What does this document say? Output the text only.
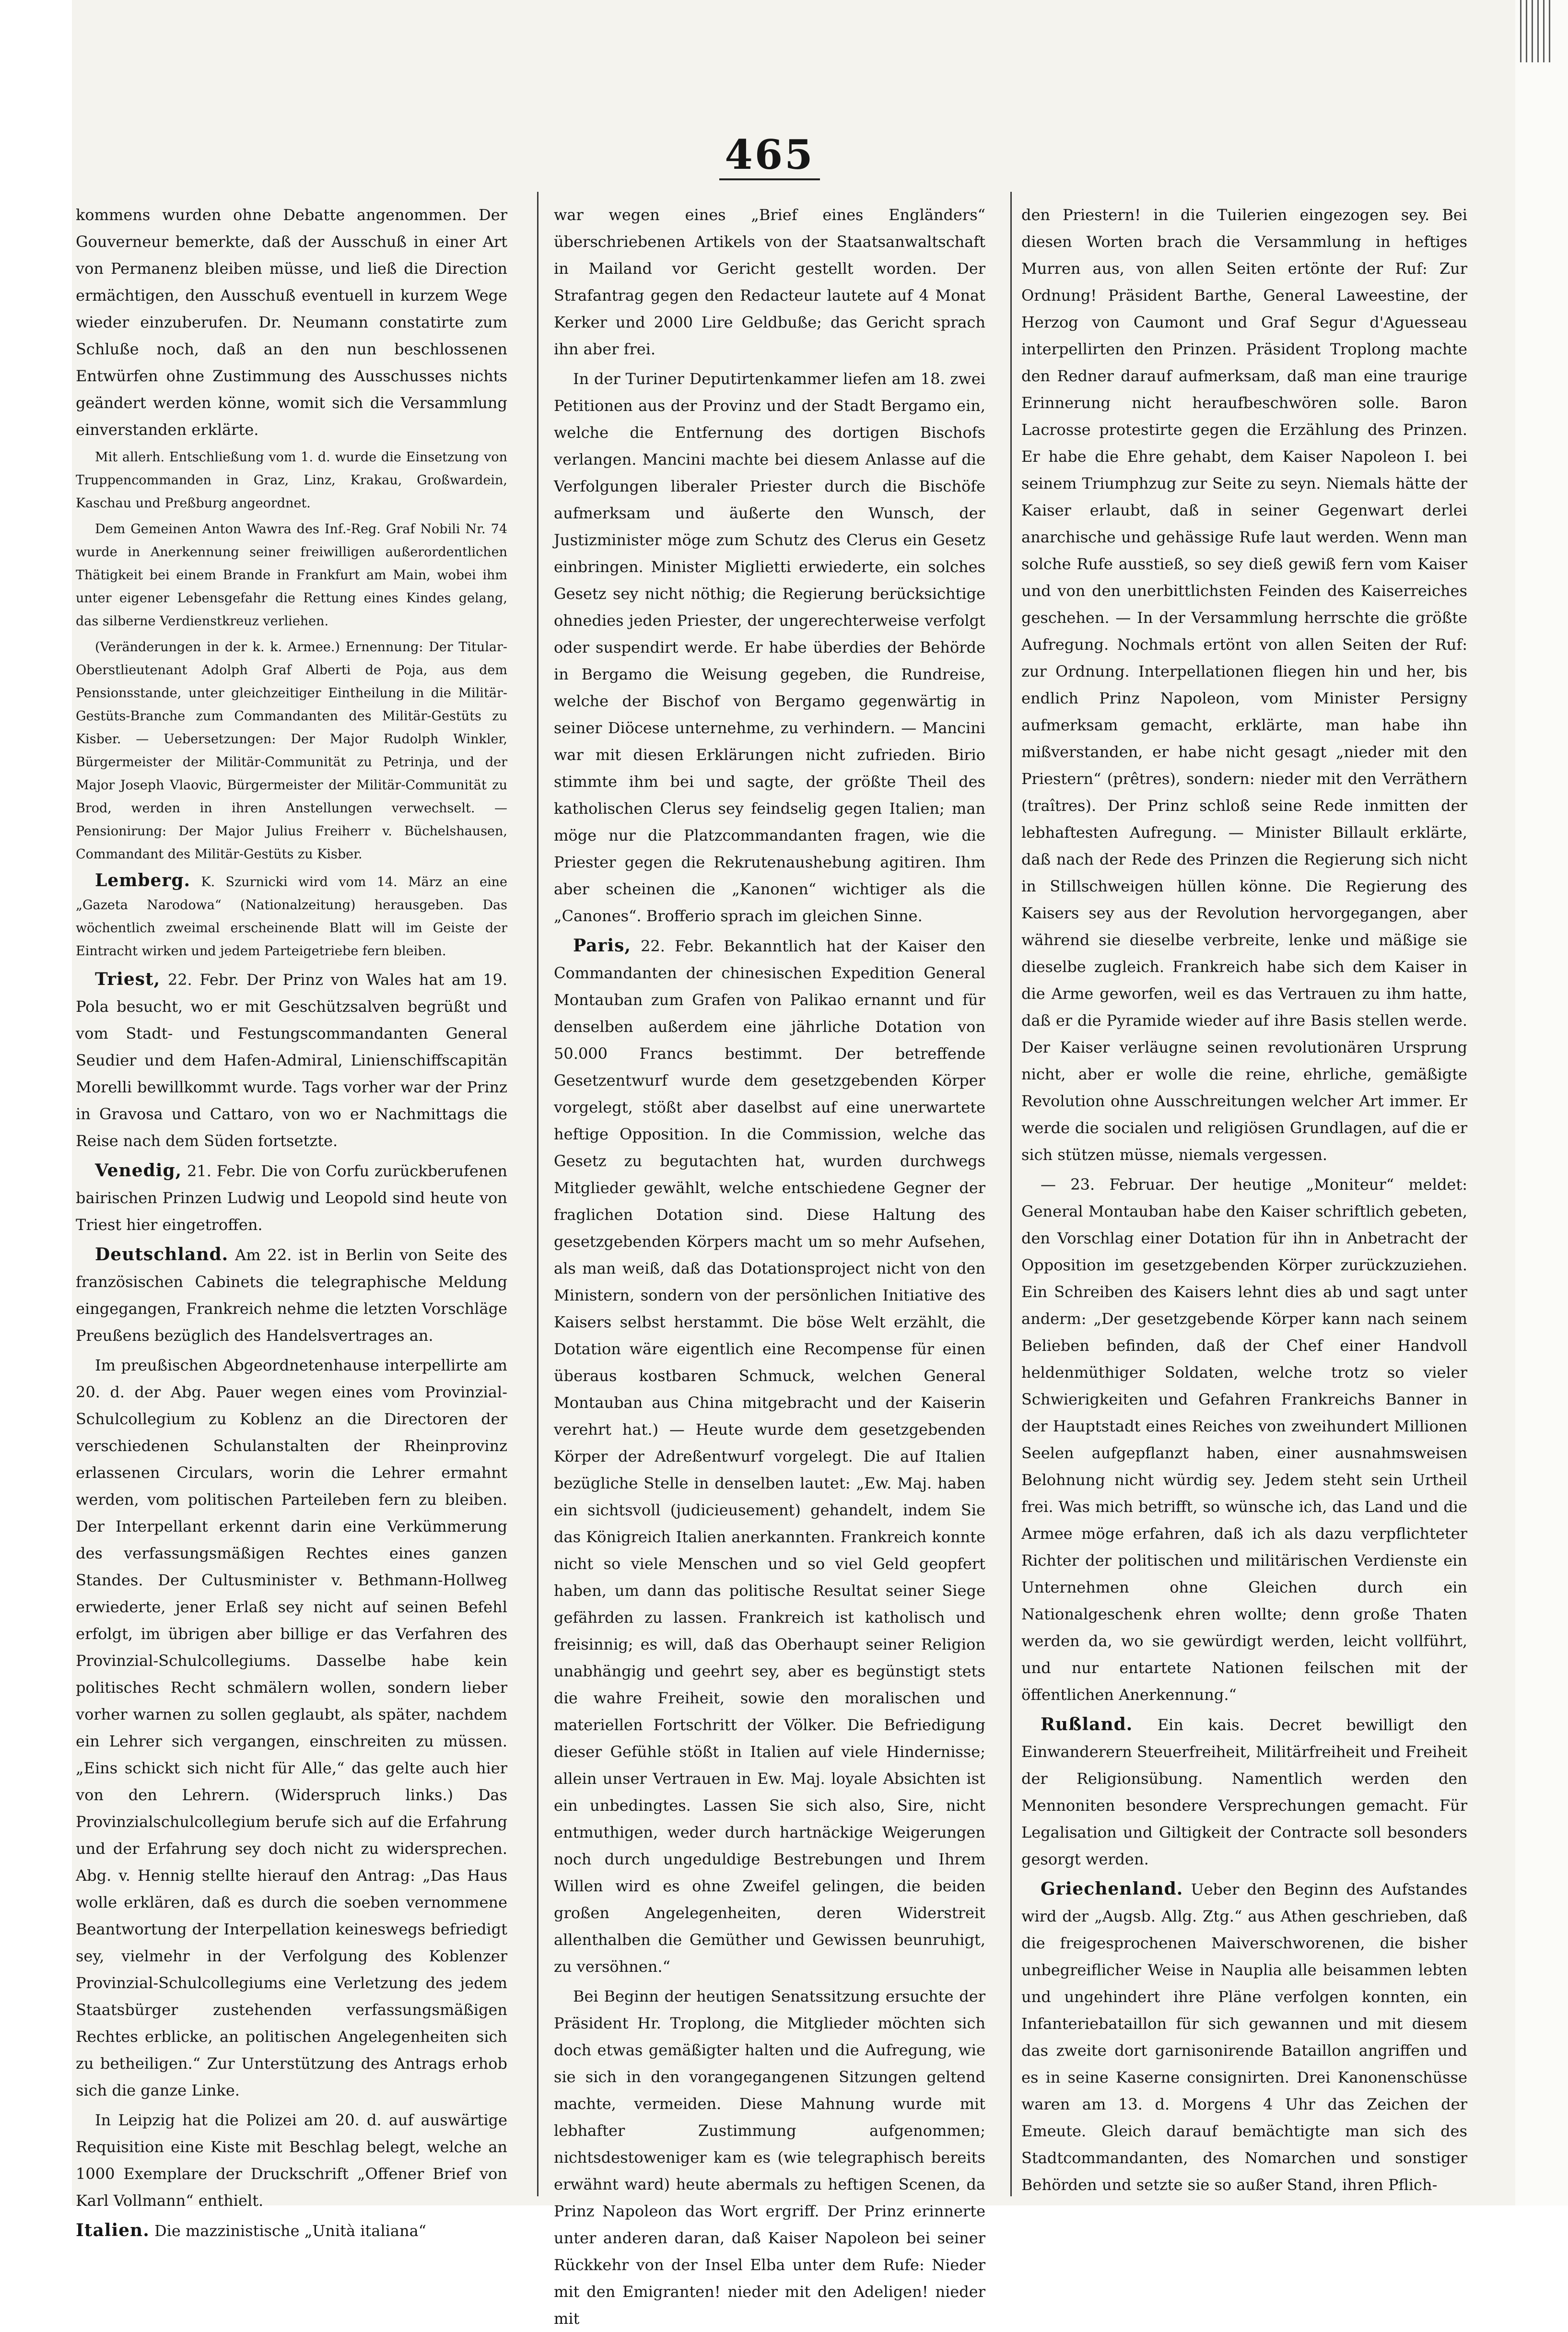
465

kommens wurden ohne Debatte angenommen. Der Gouverneur bemerkte, daß der Ausschuß in einer Art von Permanenz bleiben müsse, und ließ die Direction ermächtigen, den Ausschuß eventuell in kurzem Wege wieder einzuberufen. Dr. Neumann constatirte zum Schluße noch, daß an den nun beschlossenen Entwürfen ohne Zustimmung des Ausschusses nichts geändert werden könne, womit sich die Versammlung einverstanden erklärte.

Mit allerh. Entschließung vom 1. d. wurde die Einsetzung von Truppencommanden in Graz, Linz, Krakau, Großwardein, Kaschau und Preßburg angeordnet.

Dem Gemeinen Anton Wawra des Inf.-Reg. Graf Nobili Nr. 74 wurde in Anerkennung seiner freiwilligen außerordentlichen Thätigkeit bei einem Brande in Frankfurt am Main, wobei ihm unter eigener Lebensgefahr die Rettung eines Kindes gelang, das silberne Verdienstkreuz verliehen.

(Veränderungen in der k. k. Armee.) Ernennung: Der Titular-Oberstlieutenant Adolph Graf Alberti de Poja, aus dem Pensionsstande, unter gleichzeitiger Eintheilung in die Militär-Gestüts-Branche zum Commandanten des Militär-Gestüts zu Kisber. — Uebersetzungen: Der Major Rudolph Winkler, Bürgermeister der Militär-Communität zu Petrinja, und der Major Joseph Vlaovic, Bürgermeister der Militär-Communität zu Brod, werden in ihren Anstellungen verwechselt. — Pensionirung: Der Major Julius Freiherr v. Büchelshausen, Commandant des Militär-Gestüts zu Kisber.

Lemberg. K. Szurnicki wird vom 14. März an eine „Gazeta Narodowa“ (Nationalzeitung) herausgeben. Das wöchentlich zweimal erscheinende Blatt will im Geiste der Eintracht wirken und jedem Parteigetriebe fern bleiben.

Triest, 22. Febr. Der Prinz von Wales hat am 19. Pola besucht, wo er mit Geschützsalven begrüßt und vom Stadt- und Festungscommandanten General Seudier und dem Hafen-Admiral, Linienschiffscapitän Morelli bewillkommt wurde. Tags vorher war der Prinz in Gravosa und Cattaro, von wo er Nachmittags die Reise nach dem Süden fortsetzte.

Venedig, 21. Febr. Die von Corfu zurückberufenen bairischen Prinzen Ludwig und Leopold sind heute von Triest hier eingetroffen.

Deutschland. Am 22. ist in Berlin von Seite des französischen Cabinets die telegraphische Meldung eingegangen, Frankreich nehme die letzten Vorschläge Preußens bezüglich des Handelsvertrages an.

Im preußischen Abgeordnetenhause interpellirte am 20. d. der Abg. Pauer wegen eines vom Provinzial-Schulcollegium zu Koblenz an die Directoren der verschiedenen Schulanstalten der Rheinprovinz erlassenen Circulars, worin die Lehrer ermahnt werden, vom politischen Parteileben fern zu bleiben. Der Interpellant erkennt darin eine Verkümmerung des verfassungsmäßigen Rechtes eines ganzen Standes. Der Cultusminister v. Bethmann-Hollweg erwiederte, jener Erlaß sey nicht auf seinen Befehl erfolgt, im übrigen aber billige er das Verfahren des Provinzial-Schulcollegiums. Dasselbe habe kein politisches Recht schmälern wollen, sondern lieber vorher warnen zu sollen geglaubt, als später, nachdem ein Lehrer sich vergangen, einschreiten zu müssen. „Eins schickt sich nicht für Alle,“ das gelte auch hier von den Lehrern. (Widerspruch links.) Das Provinzialschulcollegium berufe sich auf die Erfahrung und der Erfahrung sey doch nicht zu widersprechen. Abg. v. Hennig stellte hierauf den Antrag: „Das Haus wolle erklären, daß es durch die soeben vernommene Beantwortung der Interpellation keineswegs befriedigt sey, vielmehr in der Verfolgung des Koblenzer Provinzial-Schulcollegiums eine Verletzung des jedem Staatsbürger zustehenden verfassungsmäßigen Rechtes erblicke, an politischen Angelegenheiten sich zu betheiligen.“ Zur Unterstützung des Antrags erhob sich die ganze Linke.

In Leipzig hat die Polizei am 20. d. auf auswärtige Requisition eine Kiste mit Beschlag belegt, welche an 1000 Exemplare der Druckschrift „Offener Brief von Karl Vollmann“ enthielt.

Italien. Die mazzinistische „Unità italiana“

war wegen eines „Brief eines Engländers“ überschriebenen Artikels von der Staatsanwaltschaft in Mailand vor Gericht gestellt worden. Der Strafantrag gegen den Redacteur lautete auf 4 Monat Kerker und 2000 Lire Geldbuße; das Gericht sprach ihn aber frei.

In der Turiner Deputirtenkammer liefen am 18. zwei Petitionen aus der Provinz und der Stadt Bergamo ein, welche die Entfernung des dortigen Bischofs verlangen. Mancini machte bei diesem Anlasse auf die Verfolgungen liberaler Priester durch die Bischöfe aufmerksam und äußerte den Wunsch, der Justizminister möge zum Schutz des Clerus ein Gesetz einbringen. Minister Miglietti erwiederte, ein solches Gesetz sey nicht nöthig; die Regierung berücksichtige ohnedies jeden Priester, der ungerechterweise verfolgt oder suspendirt werde. Er habe überdies der Behörde in Bergamo die Weisung gegeben, die Rundreise, welche der Bischof von Bergamo gegenwärtig in seiner Diöcese unternehme, zu verhindern. — Mancini war mit diesen Erklärungen nicht zufrieden. Birio stimmte ihm bei und sagte, der größte Theil des katholischen Clerus sey feindselig gegen Italien; man möge nur die Platzcommandanten fragen, wie die Priester gegen die Rekrutenaushebung agitiren. Ihm aber scheinen die „Kanonen“ wichtiger als die „Canones“. Brofferio sprach im gleichen Sinne.

Paris, 22. Febr. Bekanntlich hat der Kaiser den Commandanten der chinesischen Expedition General Montauban zum Grafen von Palikao ernannt und für denselben außerdem eine jährliche Dotation von 50.000 Francs bestimmt. Der betreffende Gesetzentwurf wurde dem gesetzgebenden Körper vorgelegt, stößt aber daselbst auf eine unerwartete heftige Opposition. In die Commission, welche das Gesetz zu begutachten hat, wurden durchwegs Mitglieder gewählt, welche entschiedene Gegner der fraglichen Dotation sind. Diese Haltung des gesetzgebenden Körpers macht um so mehr Aufsehen, als man weiß, daß das Dotationsproject nicht von den Ministern, sondern von der persönlichen Initiative des Kaisers selbst herstammt. Die böse Welt erzählt, die Dotation wäre eigentlich eine Recompense für einen überaus kostbaren Schmuck, welchen General Montauban aus China mitgebracht und der Kaiserin verehrt hat.) — Heute wurde dem gesetzgebenden Körper der Adreßentwurf vorgelegt. Die auf Italien bezügliche Stelle in denselben lautet: „Ew. Maj. haben ein sichtsvoll (judicieusement) gehandelt, indem Sie das Königreich Italien anerkannten. Frankreich konnte nicht so viele Menschen und so viel Geld geopfert haben, um dann das politische Resultat seiner Siege gefährden zu lassen. Frankreich ist katholisch und freisinnig; es will, daß das Oberhaupt seiner Religion unabhängig und geehrt sey, aber es begünstigt stets die wahre Freiheit, sowie den moralischen und materiellen Fortschritt der Völker. Die Befriedigung dieser Gefühle stößt in Italien auf viele Hindernisse; allein unser Vertrauen in Ew. Maj. loyale Absichten ist ein unbedingtes. Lassen Sie sich also, Sire, nicht entmuthigen, weder durch hartnäckige Weigerungen noch durch ungeduldige Bestrebungen und Ihrem Willen wird es ohne Zweifel gelingen, die beiden großen Angelegenheiten, deren Widerstreit allenthalben die Gemüther und Gewissen beunruhigt, zu versöhnen.“

Bei Beginn der heutigen Senatssitzung ersuchte der Präsident Hr. Troplong, die Mitglieder möchten sich doch etwas gemäßigter halten und die Aufregung, wie sie sich in den vorangegangenen Sitzungen geltend machte, vermeiden. Diese Mahnung wurde mit lebhafter Zustimmung aufgenommen; nichtsdestoweniger kam es (wie telegraphisch bereits erwähnt ward) heute abermals zu heftigen Scenen, da Prinz Napoleon das Wort ergriff. Der Prinz erinnerte unter anderen daran, daß Kaiser Napoleon bei seiner Rückkehr von der Insel Elba unter dem Rufe: Nieder mit den Emigranten! nieder mit den Adeligen! nieder mit

den Priestern! in die Tuilerien eingezogen sey. Bei diesen Worten brach die Versammlung in heftiges Murren aus, von allen Seiten ertönte der Ruf: Zur Ordnung! Präsident Barthe, General Laweestine, der Herzog von Caumont und Graf Segur d'Aguesseau interpellirten den Prinzen. Präsident Troplong machte den Redner darauf aufmerksam, daß man eine traurige Erinnerung nicht heraufbeschwören solle. Baron Lacrosse protestirte gegen die Erzählung des Prinzen. Er habe die Ehre gehabt, dem Kaiser Napoleon I. bei seinem Triumphzug zur Seite zu seyn. Niemals hätte der Kaiser erlaubt, daß in seiner Gegenwart derlei anarchische und gehässige Rufe laut werden. Wenn man solche Rufe ausstieß, so sey dieß gewiß fern vom Kaiser und von den unerbittlichsten Feinden des Kaiserreiches geschehen. — In der Versammlung herrschte die größte Aufregung. Nochmals ertönt von allen Seiten der Ruf: zur Ordnung. Interpellationen fliegen hin und her, bis endlich Prinz Napoleon, vom Minister Persigny aufmerksam gemacht, erklärte, man habe ihn mißverstanden, er habe nicht gesagt „nieder mit den Priestern“ (prêtres), sondern: nieder mit den Verräthern (traîtres). Der Prinz schloß seine Rede inmitten der lebhaftesten Aufregung. — Minister Billault erklärte, daß nach der Rede des Prinzen die Regierung sich nicht in Stillschweigen hüllen könne. Die Regierung des Kaisers sey aus der Revolution hervorgegangen, aber während sie dieselbe verbreite, lenke und mäßige sie dieselbe zugleich. Frankreich habe sich dem Kaiser in die Arme geworfen, weil es das Vertrauen zu ihm hatte, daß er die Pyramide wieder auf ihre Basis stellen werde. Der Kaiser verläugne seinen revolutionären Ursprung nicht, aber er wolle die reine, ehrliche, gemäßigte Revolution ohne Ausschreitungen welcher Art immer. Er werde die socialen und religiösen Grundlagen, auf die er sich stützen müsse, niemals vergessen.

— 23. Februar. Der heutige „Moniteur“ meldet: General Montauban habe den Kaiser schriftlich gebeten, den Vorschlag einer Dotation für ihn in Anbetracht der Opposition im gesetzgebenden Körper zurückzuziehen. Ein Schreiben des Kaisers lehnt dies ab und sagt unter anderm: „Der gesetzgebende Körper kann nach seinem Belieben befinden, daß der Chef einer Handvoll heldenmüthiger Soldaten, welche trotz so vieler Schwierigkeiten und Gefahren Frankreichs Banner in der Hauptstadt eines Reiches von zweihundert Millionen Seelen aufgepflanzt haben, einer ausnahmsweisen Belohnung nicht würdig sey. Jedem steht sein Urtheil frei. Was mich betrifft, so wünsche ich, das Land und die Armee möge erfahren, daß ich als dazu verpflichteter Richter der politischen und militärischen Verdienste ein Unternehmen ohne Gleichen durch ein Nationalgeschenk ehren wollte; denn große Thaten werden da, wo sie gewürdigt werden, leicht vollführt, und nur entartete Nationen feilschen mit der öffentlichen Anerkennung.“

Rußland. Ein kais. Decret bewilligt den Einwanderern Steuerfreiheit, Militärfreiheit und Freiheit der Religionsübung. Namentlich werden den Mennoniten besondere Versprechungen gemacht. Für Legalisation und Giltigkeit der Contracte soll besonders gesorgt werden.

Griechenland. Ueber den Beginn des Aufstandes wird der „Augsb. Allg. Ztg.“ aus Athen geschrieben, daß die freigesprochenen Maiverschworenen, die bisher unbegreiflicher Weise in Nauplia alle beisammen lebten und ungehindert ihre Pläne verfolgen konnten, ein Infanteriebataillon für sich gewannen und mit diesem das zweite dort garnisonirende Bataillon angriffen und es in seine Kaserne consignirten. Drei Kanonenschüsse waren am 13. d. Morgens 4 Uhr das Zeichen der Emeute. Gleich darauf bemächtigte man sich des Stadtcommandanten, des Nomarchen und sonstiger Behörden und setzte sie so außer Stand, ihren Pflich-
